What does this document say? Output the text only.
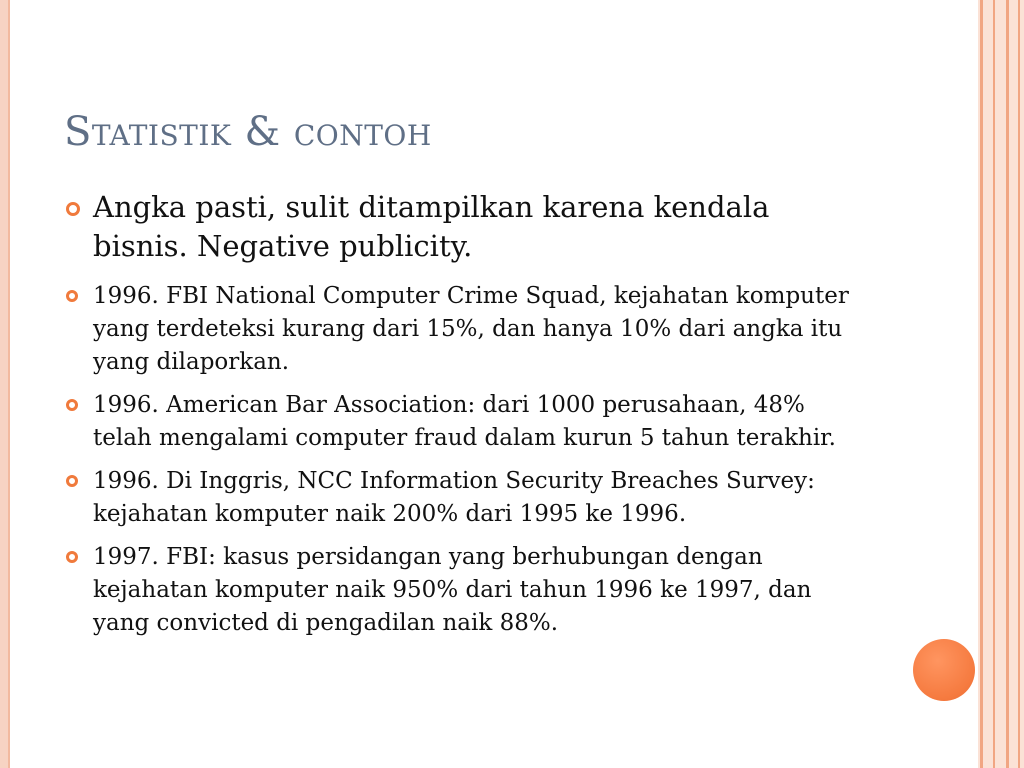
Statistik & contoh
Angka pasti, sulit ditampilkan karena kendala bisnis. Negative publicity.
1996. FBI National Computer Crime Squad, kejahatan komputer yang terdeteksi kurang dari 15%, dan hanya 10% dari angka itu yang dilaporkan.
1996. American Bar Association: dari 1000 perusahaan, 48% telah mengalami computer fraud dalam kurun 5 tahun terakhir.
1996. Di Inggris, NCC Information Security Breaches Survey: kejahatan komputer naik 200% dari 1995 ke 1996.
1997. FBI: kasus persidangan yang berhubungan dengan kejahatan komputer naik 950% dari tahun 1996 ke 1997, dan yang convicted di pengadilan naik 88%.
